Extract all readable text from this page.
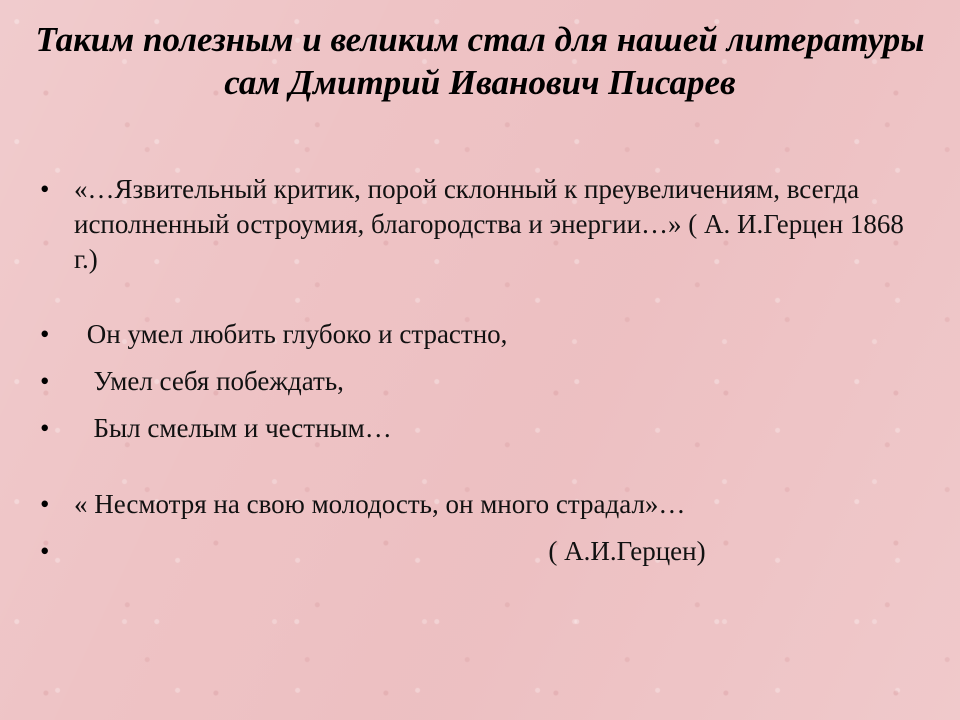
Таким полезным и великим стал для нашей литературы сам Дмитрий Иванович Писарев
• «…Язвительный критик, порой склонный к преувеличениям, всегда исполненный остроумия, благородства и энергии…» ( А. И.Герцен 1868 г.)
•	Он умел любить глубоко и страстно,
•	Умел себя побеждать,
•	Был смелым и честным…
• « Несмотря на свою молодость, он много страдал»…
•	( А.И.Герцен)
